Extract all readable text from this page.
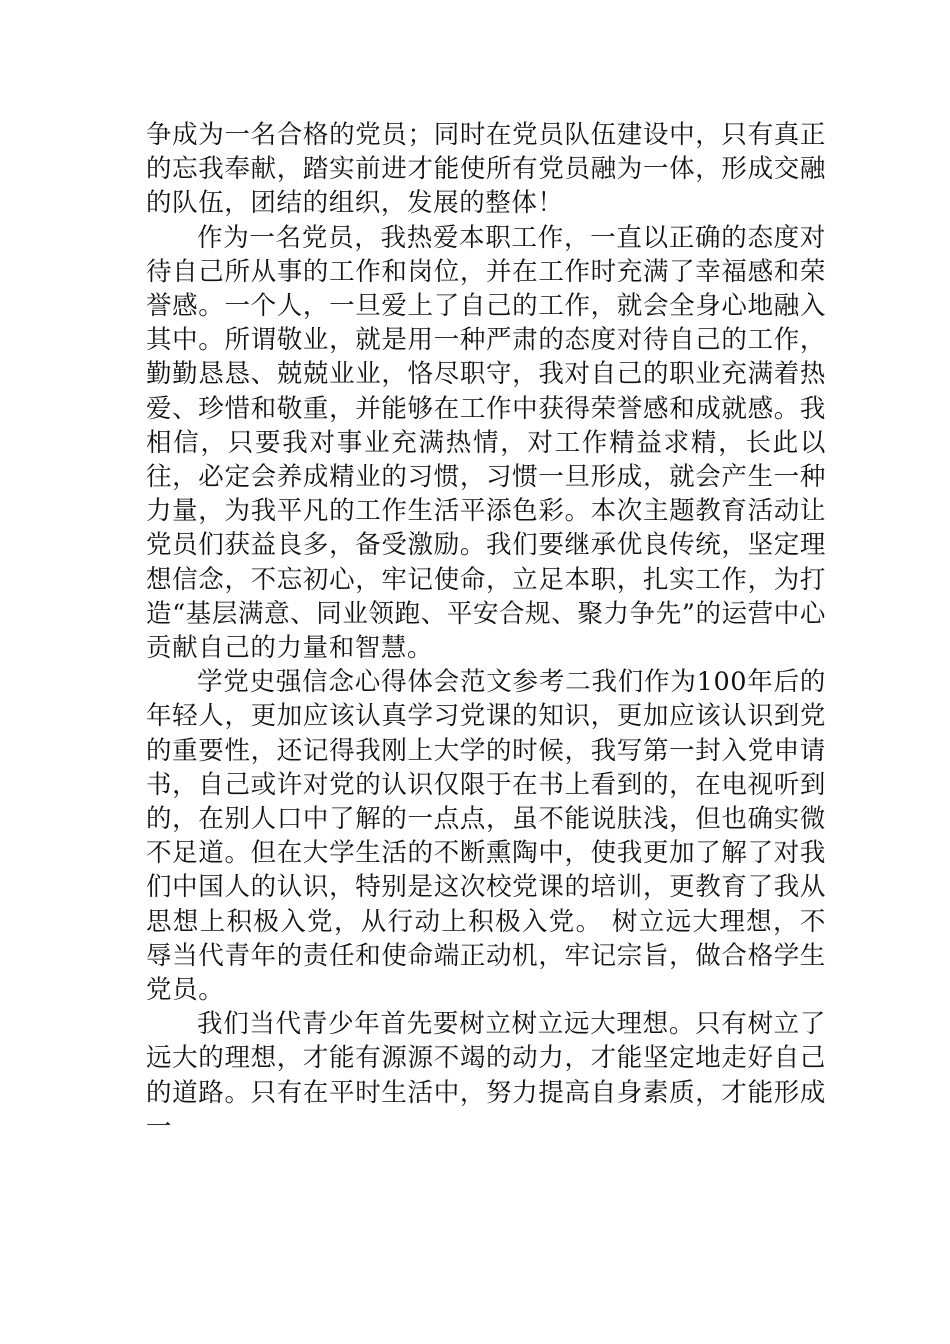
争成为一名合格的党员；同时在党员队伍建设中，只有真正的忘我奉献，踏实前进才能使所有党员融为一体，形成交融的队伍，团结的组织，发展的整体！

作为一名党员，我热爱本职工作，一直以正确的态度对待自己所从事的工作和岗位，并在工作时充满了幸福感和荣誉感。一个人，一旦爱上了自己的工作，就会全身心地融入其中。所谓敬业，就是用一种严肃的态度对待自己的工作，勤勤恳恳、兢兢业业，恪尽职守，我对自己的职业充满着热爱、珍惜和敬重，并能够在工作中获得荣誉感和成就感。我相信，只要我对事业充满热情，对工作精益求精，长此以往，必定会养成精业的习惯，习惯一旦形成，就会产生一种力量，为我平凡的工作生活平添色彩。本次主题教育活动让党员们获益良多，备受激励。我们要继承优良传统，坚定理想信念，不忘初心，牢记使命，立足本职，扎实工作，为打造“基层满意、同业领跑、平安合规、聚力争先”的运营中心贡献自己的力量和智慧。

学党史强信念心得体会范文参考二我们作为100年后的年轻人，更加应该认真学习党课的知识，更加应该认识到党的重要性，还记得我刚上大学的时候，我写第一封入党申请书，自己或许对党的认识仅限于在书上看到的，在电视听到的，在别人口中了解的一点点，虽不能说肤浅，但也确实微不足道。但在大学生活的不断熏陶中，使我更加了解了对我们中国人的认识，特别是这次校党课的培训，更教育了我从思想上积极入党，从行动上积极入党。 树立远大理想，不辱当代青年的责任和使命端正动机，牢记宗旨，做合格学生党员。

我们当代青少年首先要树立树立远大理想。只有树立了远大的理想，才能有源源不竭的动力，才能坚定地走好自己的道路。只有在平时生活中，努力提高自身素质，才能形成一
